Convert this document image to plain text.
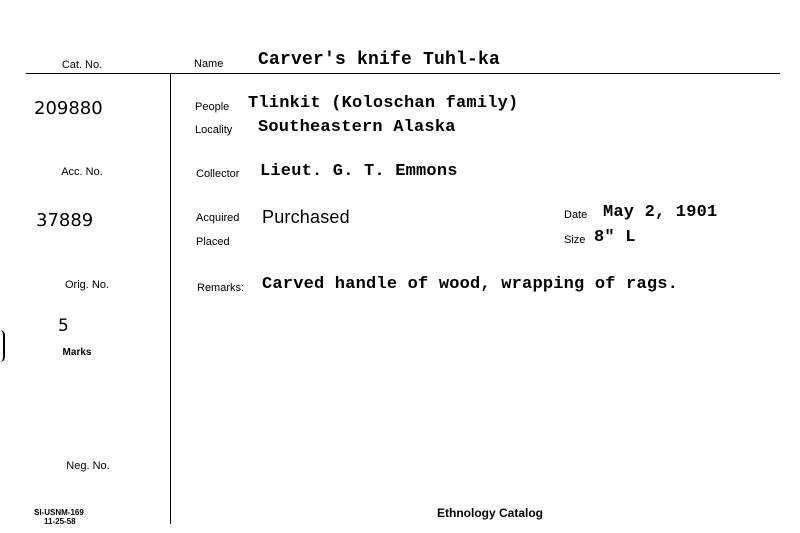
Cat. No.	Name Carver's knife Tuhl-ka
209880
Acc. No.
37889
Orig. No.
5
Marks
Neg. No.
SI-USNM-169
11-25-58
People Tlinkit (Koloschan family)
Locality Southeastern Alaska
Collector Lieut. G. T. Emmons
Acquired Purchased
Placed
Date May 2, 1901
Size 8" L
Remarks: Carved handle of wood, wrapping of rags.
Ethnology Catalog
